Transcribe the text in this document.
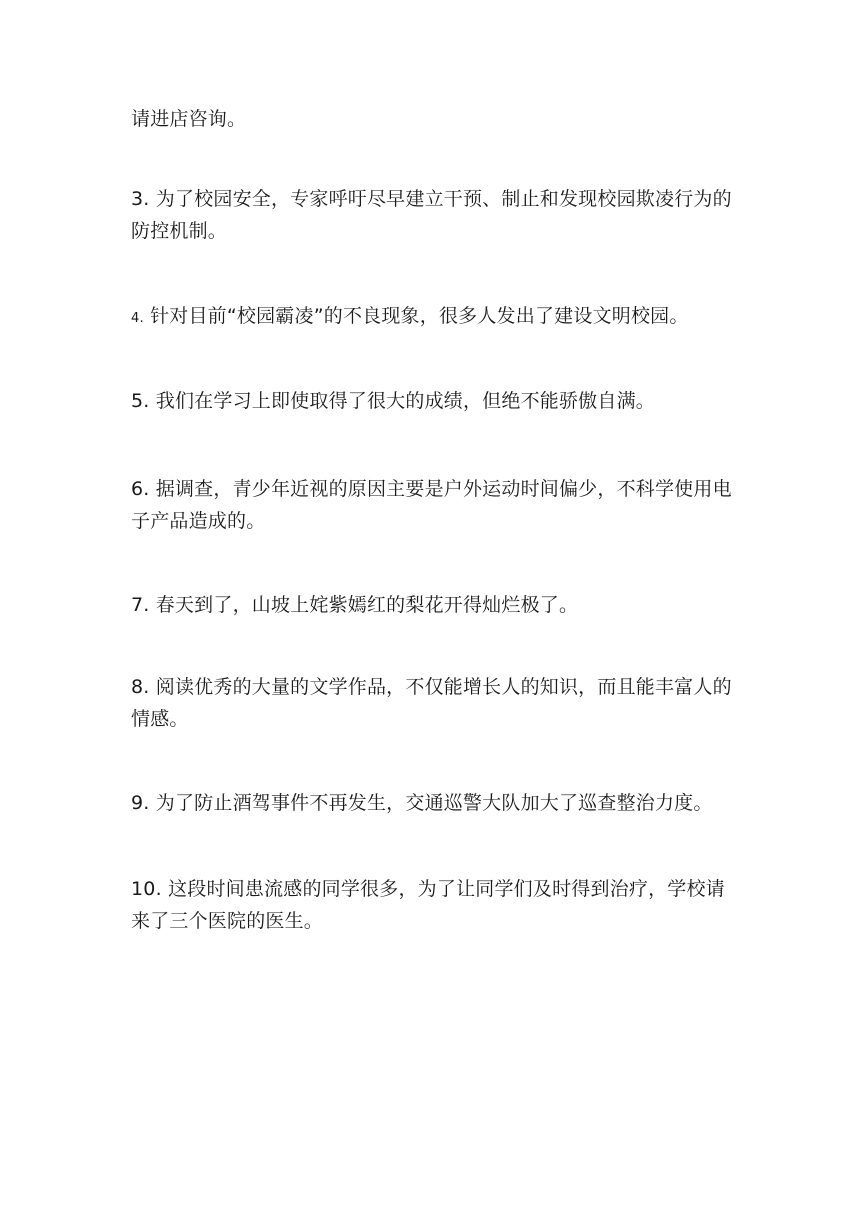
请进店咨询。

3. 为了校园安全，专家呼吁尽早建立干预、制止和发现校园欺凌行为的防控机制。

4. 针对目前“校园霸凌”的不良现象，很多人发出了建设文明校园。

5. 我们在学习上即使取得了很大的成绩，但绝不能骄傲自满。

6. 据调查，青少年近视的原因主要是户外运动时间偏少，不科学使用电子产品造成的。

7. 春天到了，山坡上姹紫嫣红的梨花开得灿烂极了。

8. 阅读优秀的大量的文学作品，不仅能增长人的知识，而且能丰富人的情感。

9. 为了防止酒驾事件不再发生，交通巡警大队加大了巡查整治力度。

10. 这段时间患流感的同学很多，为了让同学们及时得到治疗，学校请来了三个医院的医生。
